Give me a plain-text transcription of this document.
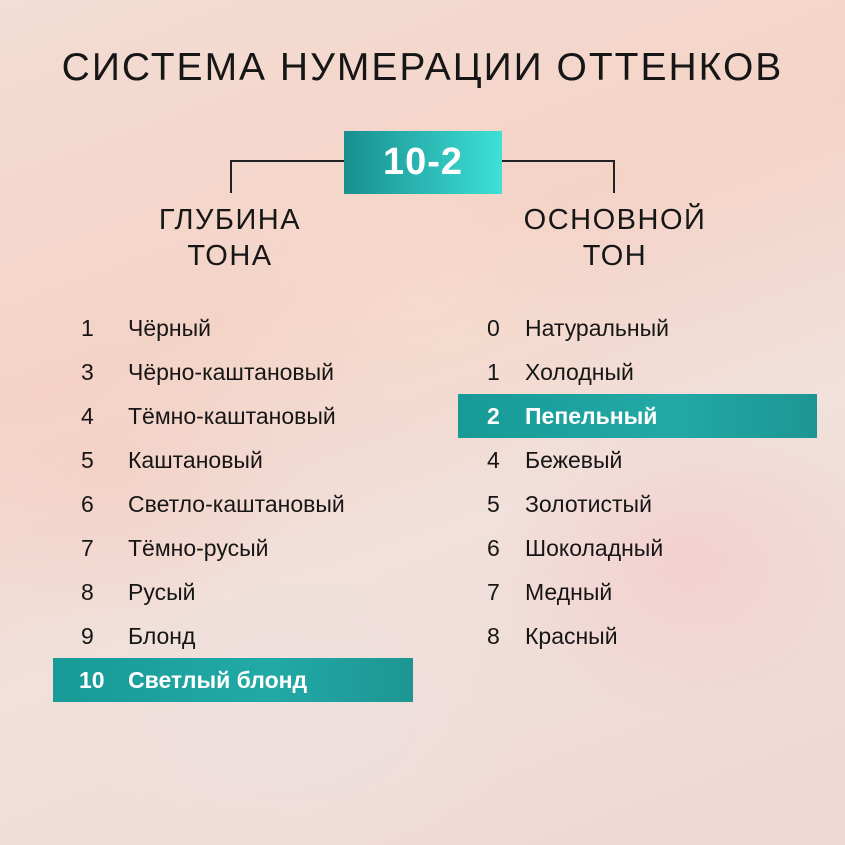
СИСТЕМА НУМЕРАЦИИ ОТТЕНКОВ
10-2
ГЛУБИНА
ТОНА
ОСНОВНОЙ
ТОН
1 Чёрный
3 Чёрно-каштановый
4 Тёмно-каштановый
5 Каштановый
6 Светло-каштановый
7 Тёмно-русый
8 Русый
9 Блонд
10 Светлый блонд
0 Натуральный
1 Холодный
2 Пепельный
4 Бежевый
5 Золотистый
6 Шоколадный
7 Медный
8 Красный
